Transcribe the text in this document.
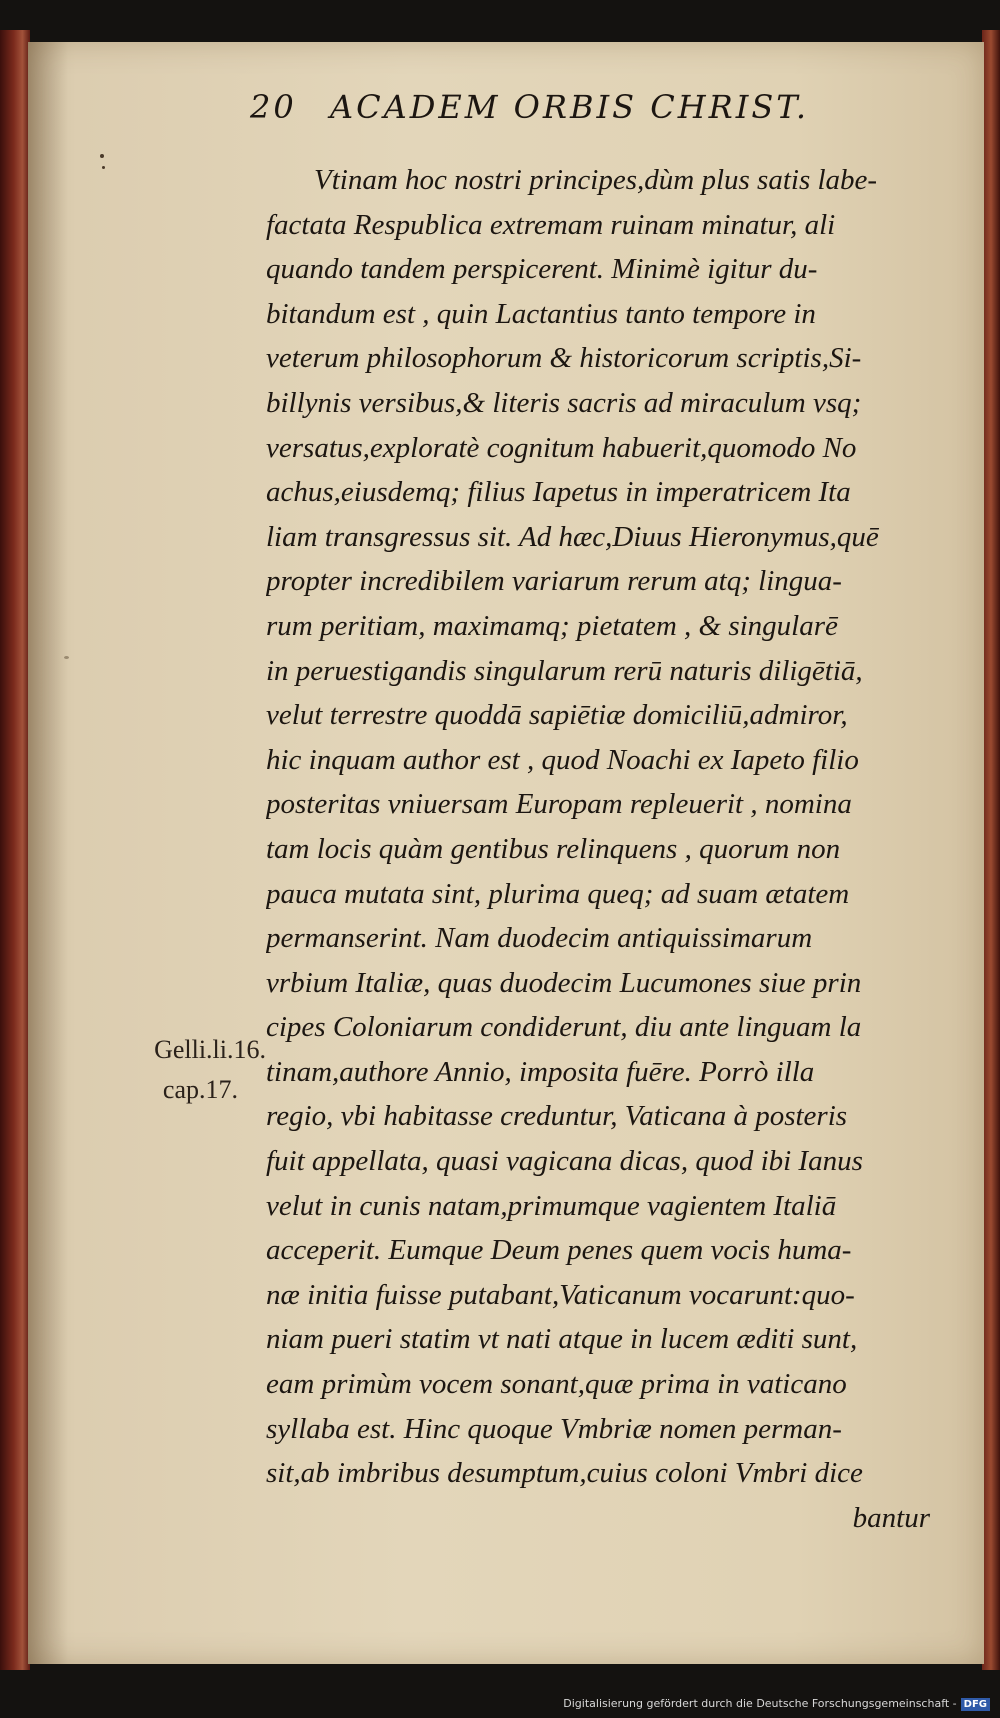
20 ACADEM ORBIS CHRIST.
Gelli.li.16.
cap.17.
Vtinam hoc nostri principes,dùm plus satis labe-
factata Respublica extremam ruinam minatur, ali
quando tandem perspicerent. Minimè igitur du-
bitandum est , quin Lactantius tanto tempore in
veterum philosophorum & historicorum scriptis,Si-
billynis versibus,& literis sacris ad miraculum vsq;
versatus,exploratè cognitum habuerit,quomodo No
achus,eiusdemq; filius Iapetus in imperatricem Ita
liam transgressus sit. Ad hæc,Diuus Hieronymus,quē
propter incredibilem variarum rerum atq; lingua-
rum peritiam, maximamq; pietatem , & singularē
in peruestigandis singularum rerū naturis diligētiā,
velut terrestre quoddā sapiētiæ domiciliū,admiror,
hic inquam author est , quod Noachi ex Iapeto filio
posteritas vniuersam Europam repleuerit , nomina
tam locis quàm gentibus relinquens , quorum non
pauca mutata sint, plurima queq; ad suam ætatem
permanserint. Nam duodecim antiquissimarum
vrbium Italiæ, quas duodecim Lucumones siue prin
cipes Coloniarum condiderunt, diu ante linguam la
tinam,authore Annio, imposita fuēre. Porrò illa
regio, vbi habitasse creduntur, Vaticana à posteris
fuit appellata, quasi vagicana dicas, quod ibi Ianus
velut in cunis natam,primumque vagientem Italiā
acceperit. Eumque Deum penes quem vocis huma-
næ initia fuisse putabant,Vaticanum vocarunt:quo-
niam pueri statim vt nati atque in lucem æditi sunt,
eam primùm vocem sonant,quæ prima in vaticano
syllaba est. Hinc quoque Vmbriæ nomen perman-
sit,ab imbribus desumptum,cuius coloni Vmbri dice
bantur
Digitalisierung gefördert durch die Deutsche Forschungsgemeinschaft - DFG
